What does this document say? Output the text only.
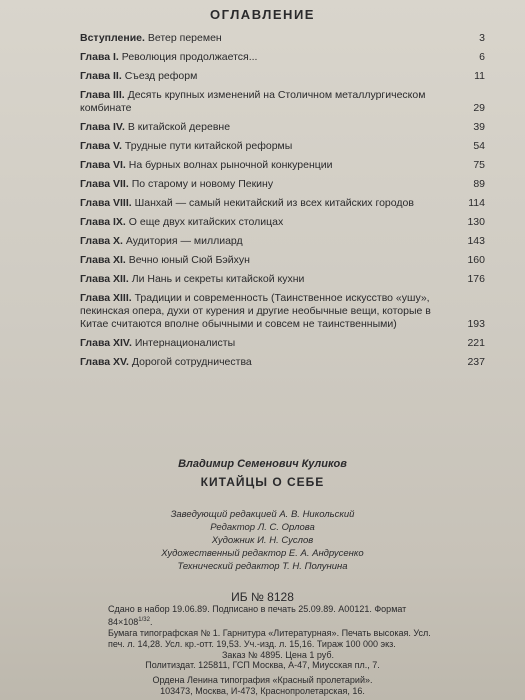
ОГЛАВЛЕНИЕ
Вступление. Ветер перемен	3
Глава I. Революция продолжается...	6
Глава II. Съезд реформ	11
Глава III. Десять крупных изменений на Столичном металлургическом комбинате	29
Глава IV. В китайской деревне	39
Глава V. Трудные пути китайской реформы	54
Глава VI. На бурных волнах рыночной конкуренции	75
Глава VII. По старому и новому Пекину	89
Глава VIII. Шанхай — самый некитайский из всех китайских городов	114
Глава IX. О еще двух китайских столицах	130
Глава X. Аудитория — миллиард	143
Глава XI. Вечно юный Сюй Бэйхун	160
Глава XII. Ли Нань и секреты китайской кухни	176
Глава XIII. Традиции и современность (Таинственное искусство «ушу», пекинская опера, духи от курения и другие необычные вещи, которые в Китае считаются вполне обычными и совсем не таинственными)	193
Глава XIV. Интернационалисты	221
Глава XV. Дорогой сотрудничества	237
Владимир Семенович Куликов
КИТАЙЦЫ О СЕБЕ
Заведующий редакцией А. В. Никольский
Редактор Л. С. Орлова
Художник И. Н. Суслов
Художественный редактор Е. А. Андрусенко
Технический редактор Т. Н. Полунина
ИБ № 8128
Сдано в набор 19.06.89. Подписано в печать 25.09.89. А00121. Формат $84\times 108^{1/32}$.
Бумага типографская № 1. Гарнитура «Литературная». Печать высокая. Усл.
печ. л. 14,28. Усл. кр.-отт. 19,53. Уч.-изд. л. 15,16. Тираж 100 000 экз.
Заказ № 4895. Цена 1 руб.
Политиздат. 125811, ГСП Москва, А-47, Миусская пл., 7.
Ордена Ленина типография «Красный пролетарий».
103473, Москва, И-473, Краснопролетарская, 16.
